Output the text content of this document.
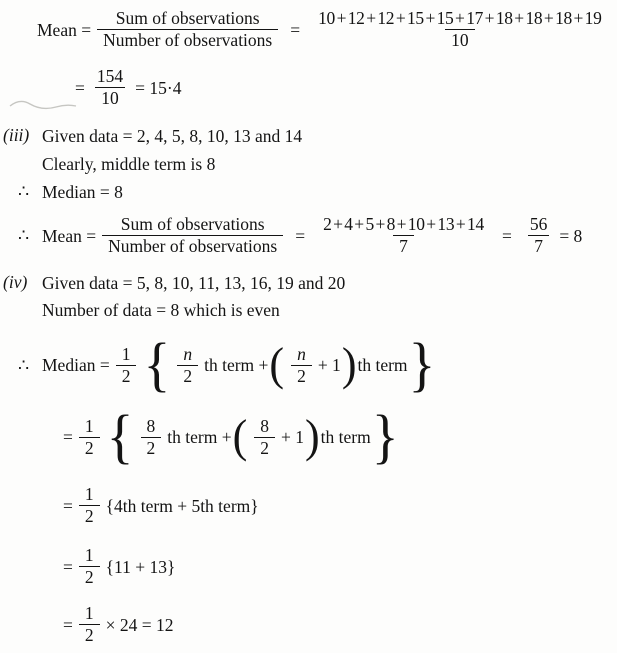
Mean = $\frac{\text{Sum of observations}}{\text{Number of observations}} = \frac{10 + 12 + 12 + 15 + 15 + 17 + 18 + 18 + 18 + 19}{10}$
= $\frac{154}{10} = 15\cdot 4$
(iii) Given data = 2, 4, 5, 8, 10, 13 and 14
Clearly, middle term is 8
∴ Median = 8
∴ Mean = $\frac{\text{Sum of observations}}{\text{Number of observations}} = \frac{2 + 4 + 5 + 8 + 10 + 13 + 14}{7} = \frac{56}{7} = 8$
(iv) Given data = 5, 8, 10, 11, 13, 16, 19 and 20
Number of data = 8 which is even
∴ Median = $\frac{1}{2}$ { $\frac{n}{2}$ th term + ( $\frac{n}{2} + 1$ ) th term }
= $\frac{1}{2}$ { $\frac{8}{2}$ th term + ( $\frac{8}{2} + 1$ ) th term }
= $\frac{1}{2} \{4th$ term + 5th term}
= $\frac{1}{2} \{11 + 13\}$
= $\frac{1}{2} \times 24 = 12$
